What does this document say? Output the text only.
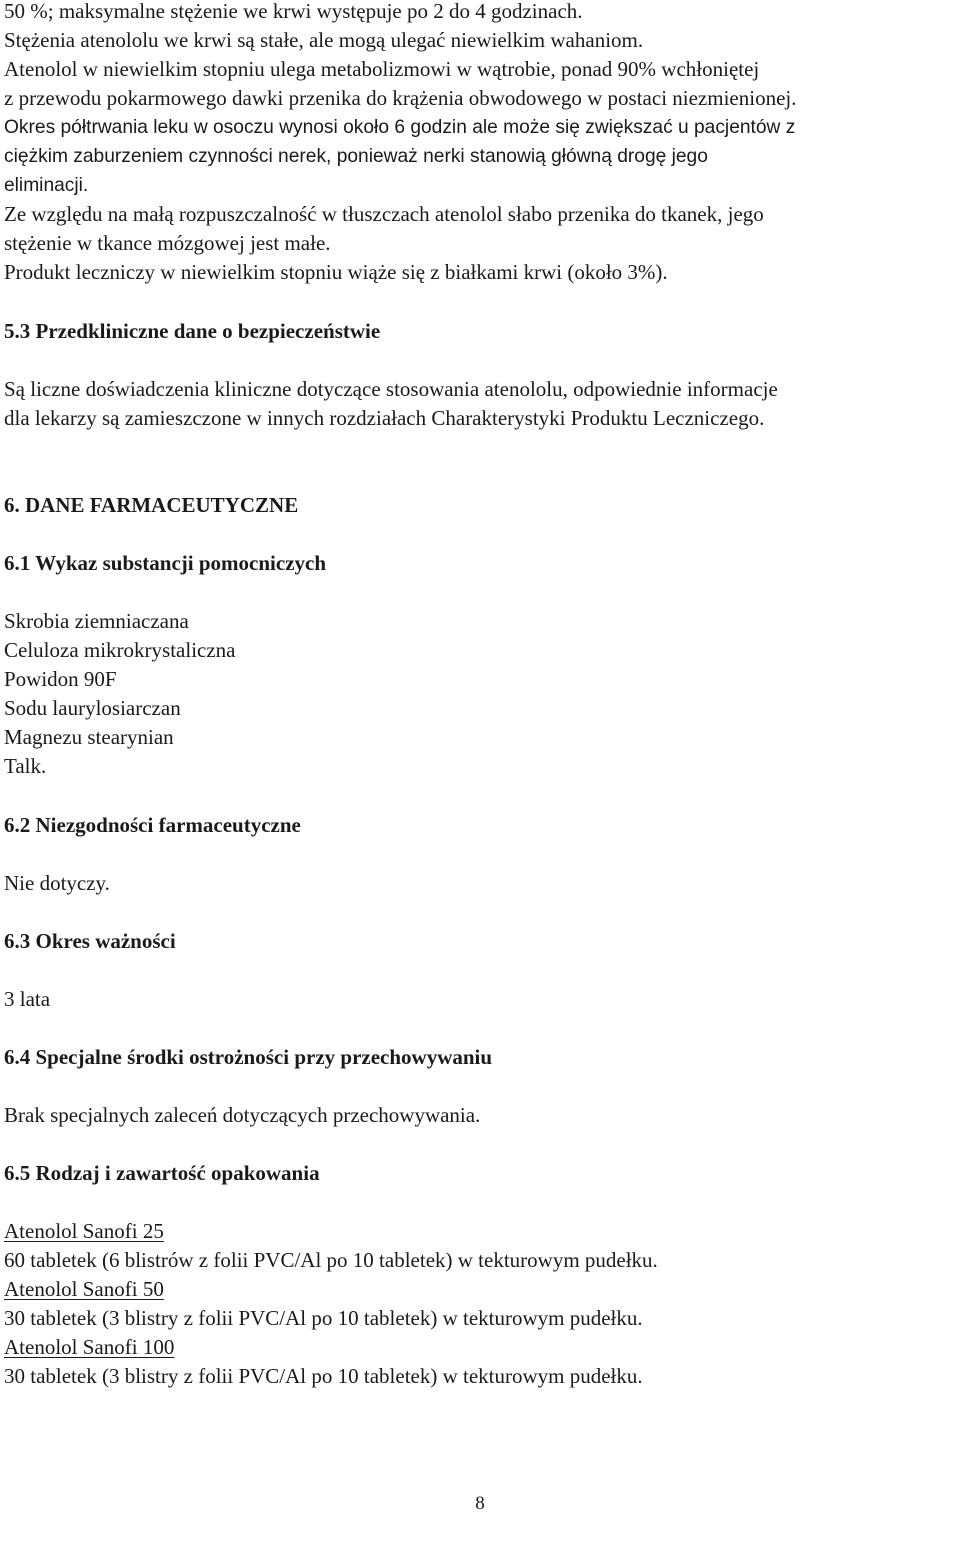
50 %; maksymalne stężenie we krwi występuje po 2 do 4 godzinach.
Stężenia atenololu we krwi są stałe, ale mogą ulegać niewielkim wahaniom.
Atenolol w niewielkim stopniu ulega metabolizmowi w wątrobie, ponad 90% wchłoniętej
z przewodu pokarmowego dawki przenika do krążenia obwodowego w postaci niezmienionej.
Okres półtrwania leku w osoczu wynosi około 6 godzin ale może się zwiększać u pacjentów z
ciężkim zaburzeniem czynności nerek, ponieważ nerki stanowią główną drogę jego
eliminacji.
Ze względu na małą rozpuszczalność w tłuszczach atenolol słabo przenika do tkanek, jego
stężenie w tkance mózgowej jest małe.
Produkt leczniczy w niewielkim stopniu wiąże się z białkami krwi (około 3%).
5.3 Przedkliniczne dane o bezpieczeństwie
Są liczne doświadczenia kliniczne dotyczące stosowania atenololu, odpowiednie informacje
dla lekarzy są zamieszczone w innych rozdziałach Charakterystyki Produktu Leczniczego.
6. DANE FARMACEUTYCZNE
6.1 Wykaz substancji pomocniczych
Skrobia ziemniaczana
Celuloza mikrokrystaliczna
Powidon 90F
Sodu laurylosiarczan
Magnezu stearynian
Talk.
6.2 Niezgodności farmaceutyczne
Nie dotyczy.
6.3 Okres ważności
3 lata
6.4 Specjalne środki ostrożności przy przechowywaniu
Brak specjalnych zaleceń dotyczących przechowywania.
6.5 Rodzaj i zawartość opakowania
Atenolol Sanofi 25
60 tabletek (6 blistrów z folii PVC/Al po 10 tabletek) w tekturowym pudełku.
Atenolol Sanofi 50
30 tabletek (3 blistry z folii PVC/Al po 10 tabletek) w tekturowym pudełku.
Atenolol Sanofi 100
30 tabletek (3 blistry z folii PVC/Al po 10 tabletek) w tekturowym pudełku.
8
